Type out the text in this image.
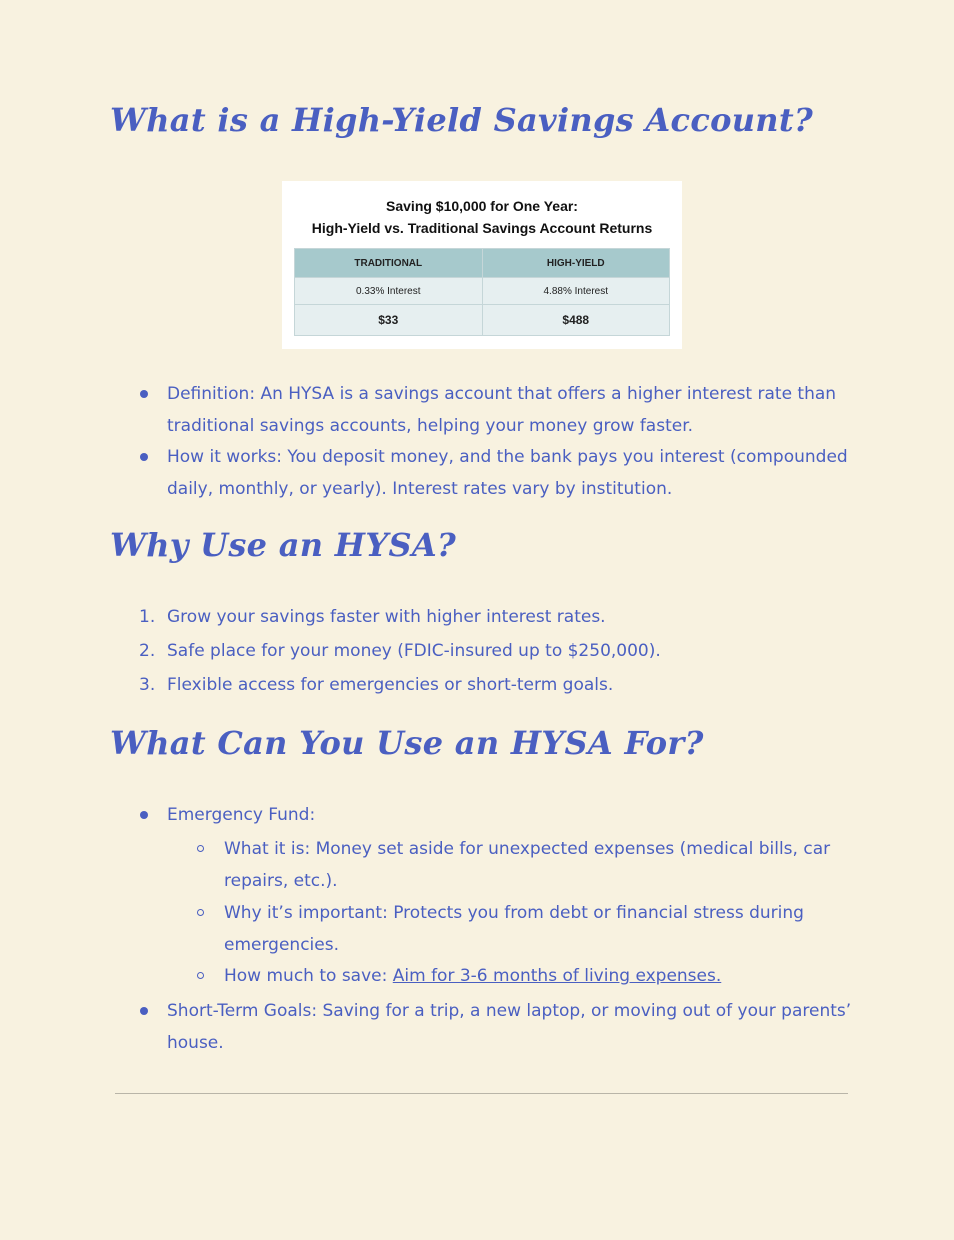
What is a High-Yield Savings Account?
Saving $10,000 for One Year:
High-Yield vs. Traditional Savings Account Returns
TRADITIONAL	HIGH-YIELD
0.33% Interest	4.88% Interest
$33	$488
Definition: An HYSA is a savings account that offers a higher interest rate than traditional savings accounts, helping your money grow faster.
How it works: You deposit money, and the bank pays you interest (compounded daily, monthly, or yearly). Interest rates vary by institution.
Why Use an HYSA?
1. Grow your savings faster with higher interest rates.
2. Safe place for your money (FDIC-insured up to $250,000).
3. Flexible access for emergencies or short-term goals.
What Can You Use an HYSA For?
Emergency Fund:
What it is: Money set aside for unexpected expenses (medical bills, car repairs, etc.).
Why it’s important: Protects you from debt or financial stress during emergencies.
How much to save: Aim for 3-6 months of living expenses.
Short-Term Goals: Saving for a trip, a new laptop, or moving out of your parents’ house.
